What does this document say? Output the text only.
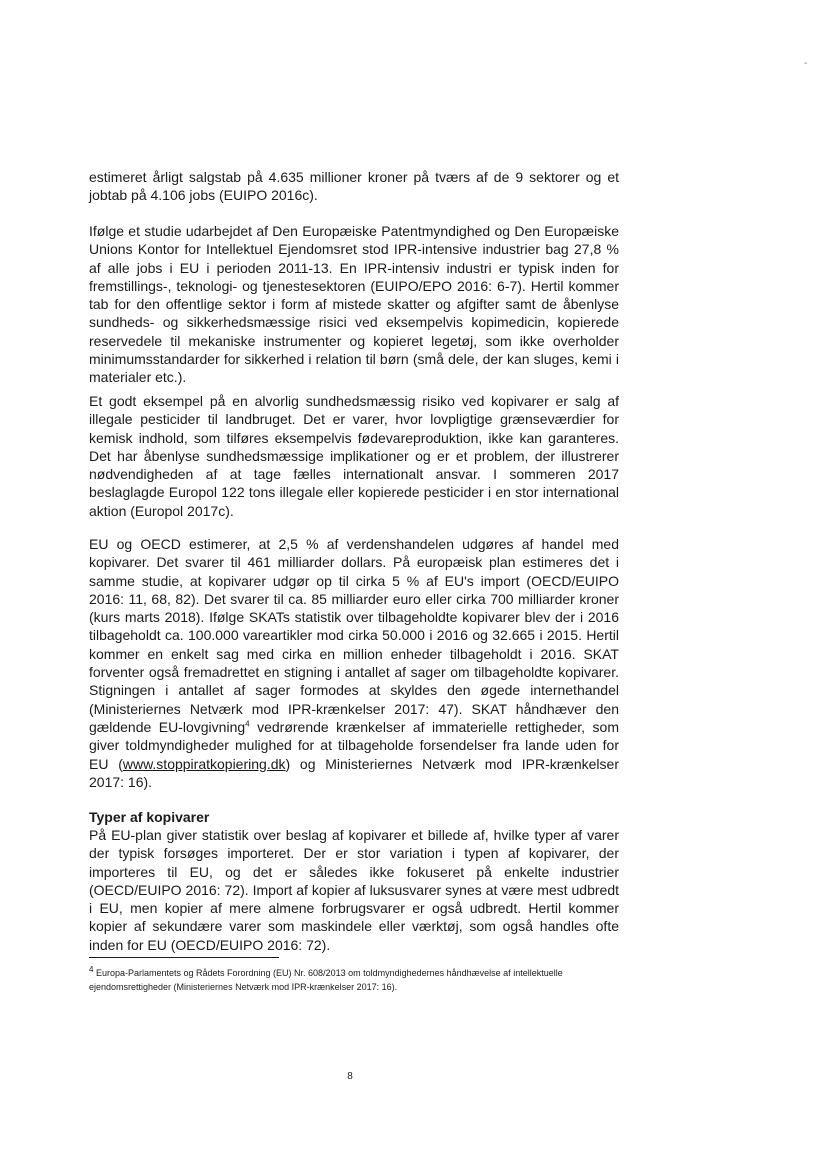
-

estimeret årligt salgstab på 4.635 millioner kroner på tværs af de 9 sektorer og et jobtab på 4.106 jobs (EUIPO 2016c).

Ifølge et studie udarbejdet af Den Europæiske Patentmyndighed og Den Europæiske Unions Kontor for Intellektuel Ejendomsret stod IPR-intensive industrier bag 27,8 % af alle jobs i EU i perioden 2011-13. En IPR-intensiv industri er typisk inden for fremstillings-, teknologi- og tjenestesektoren (EUIPO/EPO 2016: 6-7). Hertil kommer tab for den offentlige sektor i form af mistede skatter og afgifter samt de åbenlyse sundheds- og sikkerhedsmæssige risici ved eksempelvis kopimedicin, kopierede reservedele til mekaniske instrumenter og kopieret legetøj, som ikke overholder minimumsstandarder for sikkerhed i relation til børn (små dele, der kan sluges, kemi i materialer etc.).

Et godt eksempel på en alvorlig sundhedsmæssig risiko ved kopivarer er salg af illegale pesticider til landbruget. Det er varer, hvor lovpligtige grænseværdier for kemisk indhold, som tilføres eksempelvis fødevareproduktion, ikke kan garanteres. Det har åbenlyse sundhedsmæssige implikationer og er et problem, der illustrerer nødvendigheden af at tage fælles internationalt ansvar. I sommeren 2017 beslaglagde Europol 122 tons illegale eller kopierede pesticider i en stor international aktion (Europol 2017c).

EU og OECD estimerer, at 2,5 % af verdenshandelen udgøres af handel med kopivarer. Det svarer til 461 milliarder dollars. På europæisk plan estimeres det i samme studie, at kopivarer udgør op til cirka 5 % af EU's import (OECD/EUIPO 2016: 11, 68, 82). Det svarer til ca. 85 milliarder euro eller cirka 700 milliarder kroner (kurs marts 2018). Ifølge SKATs statistik over tilbageholdte kopivarer blev der i 2016 tilbageholdt ca. 100.000 vareartikler mod cirka 50.000 i 2016 og 32.665 i 2015. Hertil kommer en enkelt sag med cirka en million enheder tilbageholdt i 2016. SKAT forventer også fremadrettet en stigning i antallet af sager om tilbageholdte kopivarer. Stigningen i antallet af sager formodes at skyldes den øgede internethandel (Ministeriernes Netværk mod IPR-krænkelser 2017: 47). SKAT håndhæver den gældende EU-lovgivning$^4$ vedrørende krænkelser af immaterielle rettigheder, som giver toldmyndigheder mulighed for at tilbageholde forsendelser fra lande uden for EU (www.stoppiratkopiering.dk) og Ministeriernes Netværk mod IPR-krænkelser 2017: 16).

Typer af kopivarer

På EU-plan giver statistik over beslag af kopivarer et billede af, hvilke typer af varer der typisk forsøges importeret. Der er stor variation i typen af kopivarer, der importeres til EU, og det er således ikke fokuseret på enkelte industrier (OECD/EUIPO 2016: 72). Import af kopier af luksusvarer synes at være mest udbredt i EU, men kopier af mere almene forbrugsvarer er også udbredt. Hertil kommer kopier af sekundære varer som maskindele eller værktøj, som også handles ofte inden for EU (OECD/EUIPO 2016: 72).

$^4$ Europa-Parlamentets og Rådets Forordning (EU) Nr. 608/2013 om toldmyndighedernes håndhævelse af intellektuelle ejendomsrettigheder (Ministeriernes Netværk mod IPR-krænkelser 2017: 16).

8
